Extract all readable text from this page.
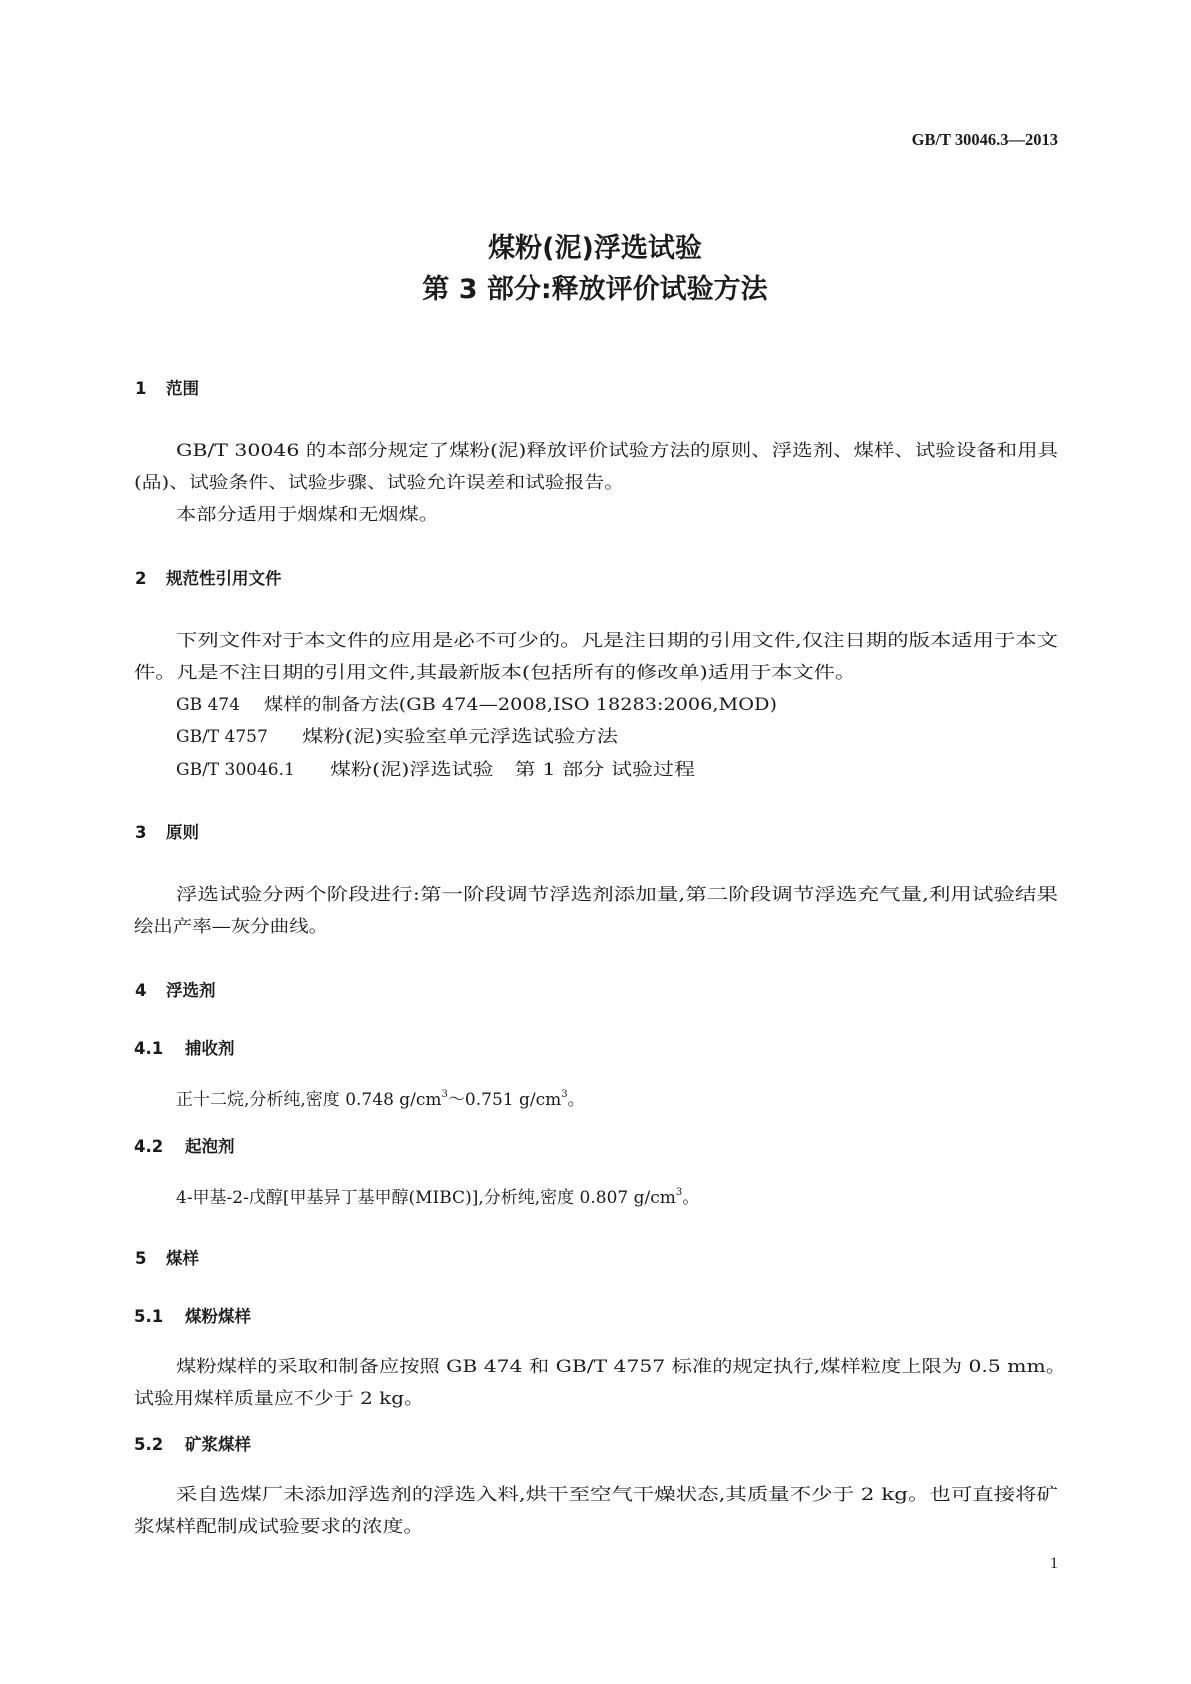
GB/T 30046.3—2013
煤粉(泥)浮选试验
第 3 部分:释放评价试验方法
1 范围
GB/T 30046 的本部分规定了煤粉(泥)释放评价试验方法的原则、浮选剂、煤样、试验设备和用具
(品)、试验条件、试验步骤、试验允许误差和试验报告。
本部分适用于烟煤和无烟煤。
2 规范性引用文件
下列文件对于本文件的应用是必不可少的。凡是注日期的引用文件,仅注日期的版本适用于本文
件。凡是不注日期的引用文件,其最新版本(包括所有的修改单)适用于本文件。
GB 474 煤样的制备方法(GB 474—2008,ISO 18283:2006,MOD)
GB/T 4757 煤粉(泥)实验室单元浮选试验方法
GB/T 30046.1 煤粉(泥)浮选试验　第 1 部分 试验过程
3 原则
浮选试验分两个阶段进行:第一阶段调节浮选剂添加量,第二阶段调节浮选充气量,利用试验结果
绘出产率—灰分曲线。
4 浮选剂
4.1 捕收剂
正十二烷,分析纯,密度 0.748 $g/cm^3\sim 0.751$ $g/cm^3$。
4.2 起泡剂
4-甲基-2-戊醇[甲基异丁基甲醇(MIBC)],分析纯,密度 0.807 $g/cm^3$。
5 煤样
5.1 煤粉煤样
煤粉煤样的采取和制备应按照 GB 474 和 GB/T 4757 标准的规定执行,煤样粒度上限为 0.5 mm。
试验用煤样质量应不少于 2 kg。
5.2 矿浆煤样
采自选煤厂未添加浮选剂的浮选入料,烘干至空气干燥状态,其质量不少于 2 kg。也可直接将矿
浆煤样配制成试验要求的浓度。
1
